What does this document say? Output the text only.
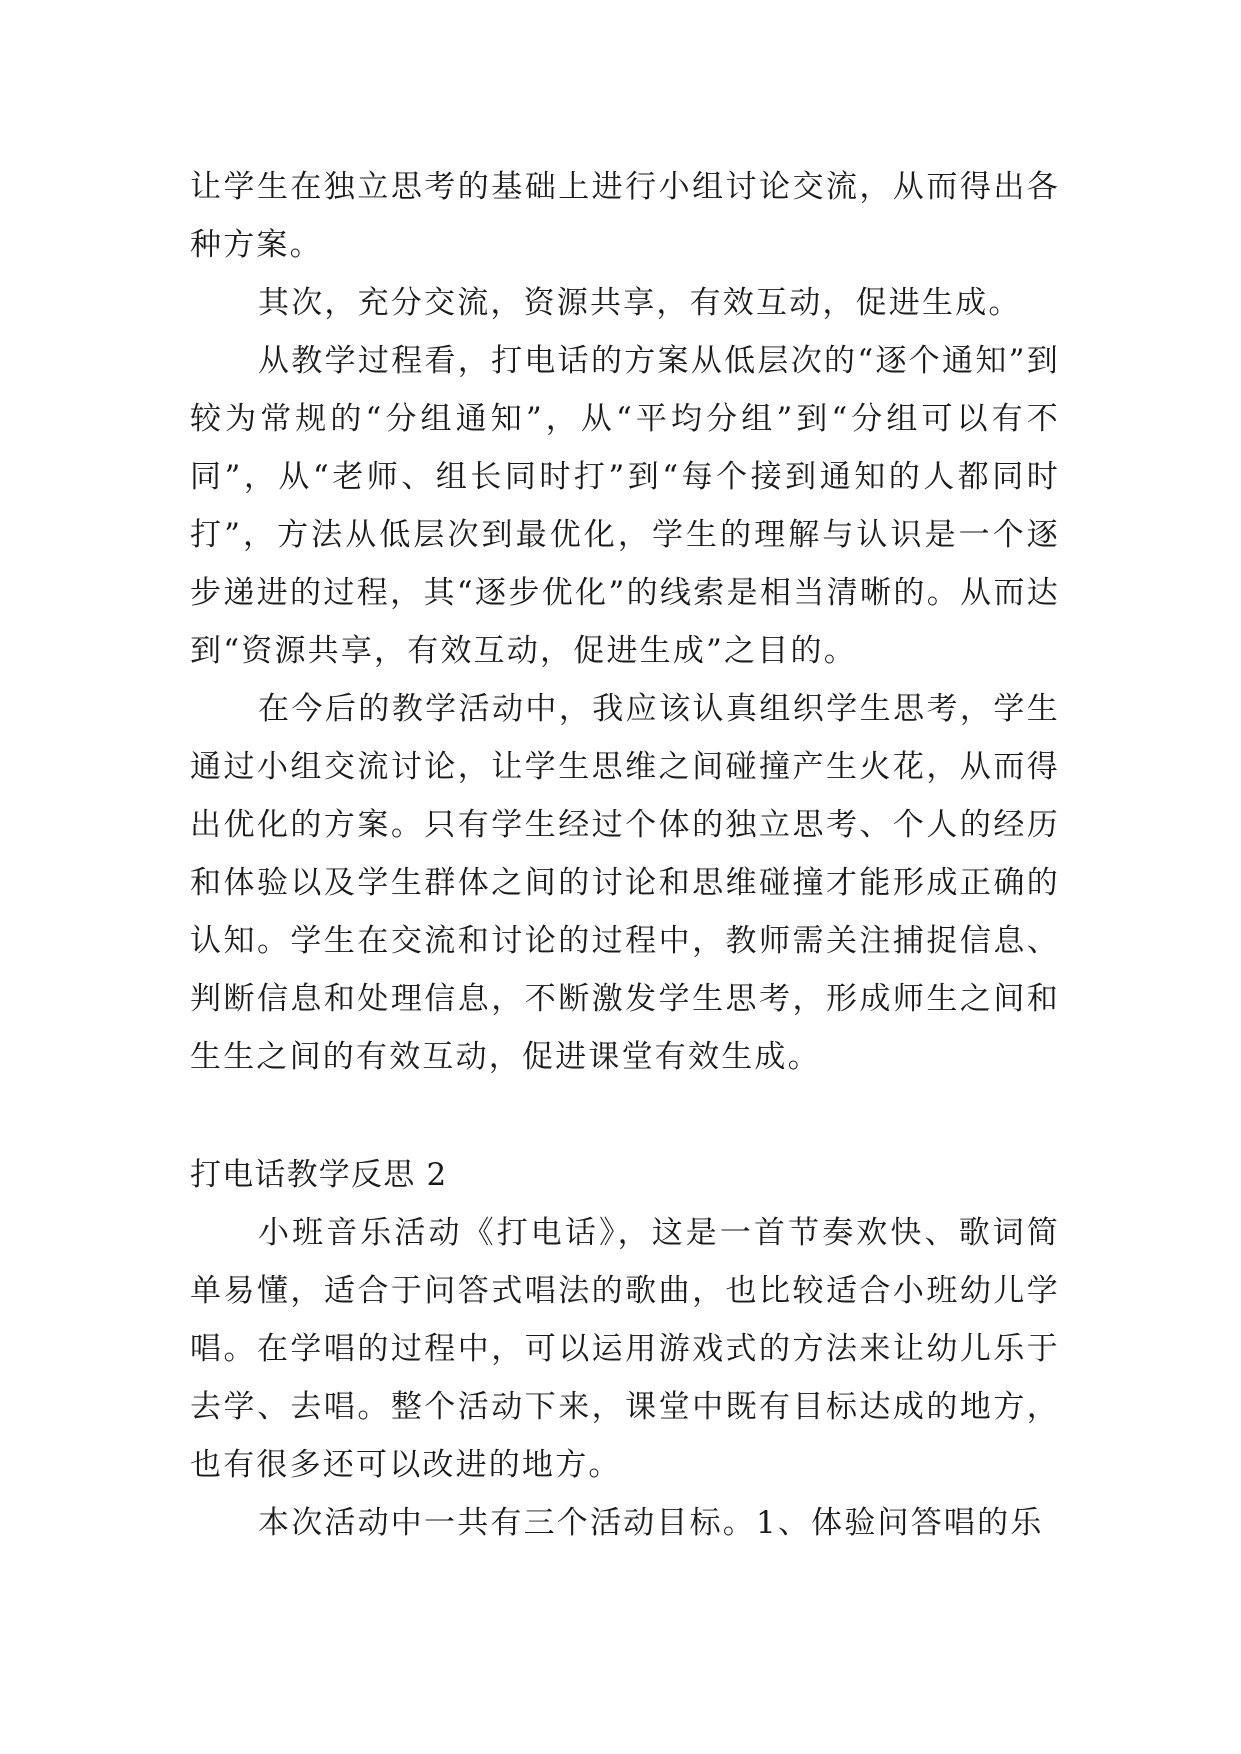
让学生在独立思考的基础上进行小组讨论交流，从而得出各种方案。

其次，充分交流，资源共享，有效互动，促进生成。

从教学过程看，打电话的方案从低层次的“逐个通知”到较为常规的“分组通知”，从“平均分组”到“分组可以有不同”，从“老师、组长同时打”到“每个接到通知的人都同时打”，方法从低层次到最优化，学生的理解与认识是一个逐步递进的过程，其“逐步优化”的线索是相当清晰的。从而达到“资源共享，有效互动，促进生成”之目的。

在今后的教学活动中，我应该认真组织学生思考，学生通过小组交流讨论，让学生思维之间碰撞产生火花，从而得出优化的方案。只有学生经过个体的独立思考、个人的经历和体验以及学生群体之间的讨论和思维碰撞才能形成正确的认知。学生在交流和讨论的过程中，教师需关注捕捉信息、判断信息和处理信息，不断激发学生思考，形成师生之间和生生之间的有效互动，促进课堂有效生成。

打电话教学反思 2

小班音乐活动《打电话》，这是一首节奏欢快、歌词简单易懂，适合于问答式唱法的歌曲，也比较适合小班幼儿学唱。在学唱的过程中，可以运用游戏式的方法来让幼儿乐于去学、去唱。整个活动下来，课堂中既有目标达成的地方，也有很多还可以改进的地方。

本次活动中一共有三个活动目标。1、体验问答唱的乐
